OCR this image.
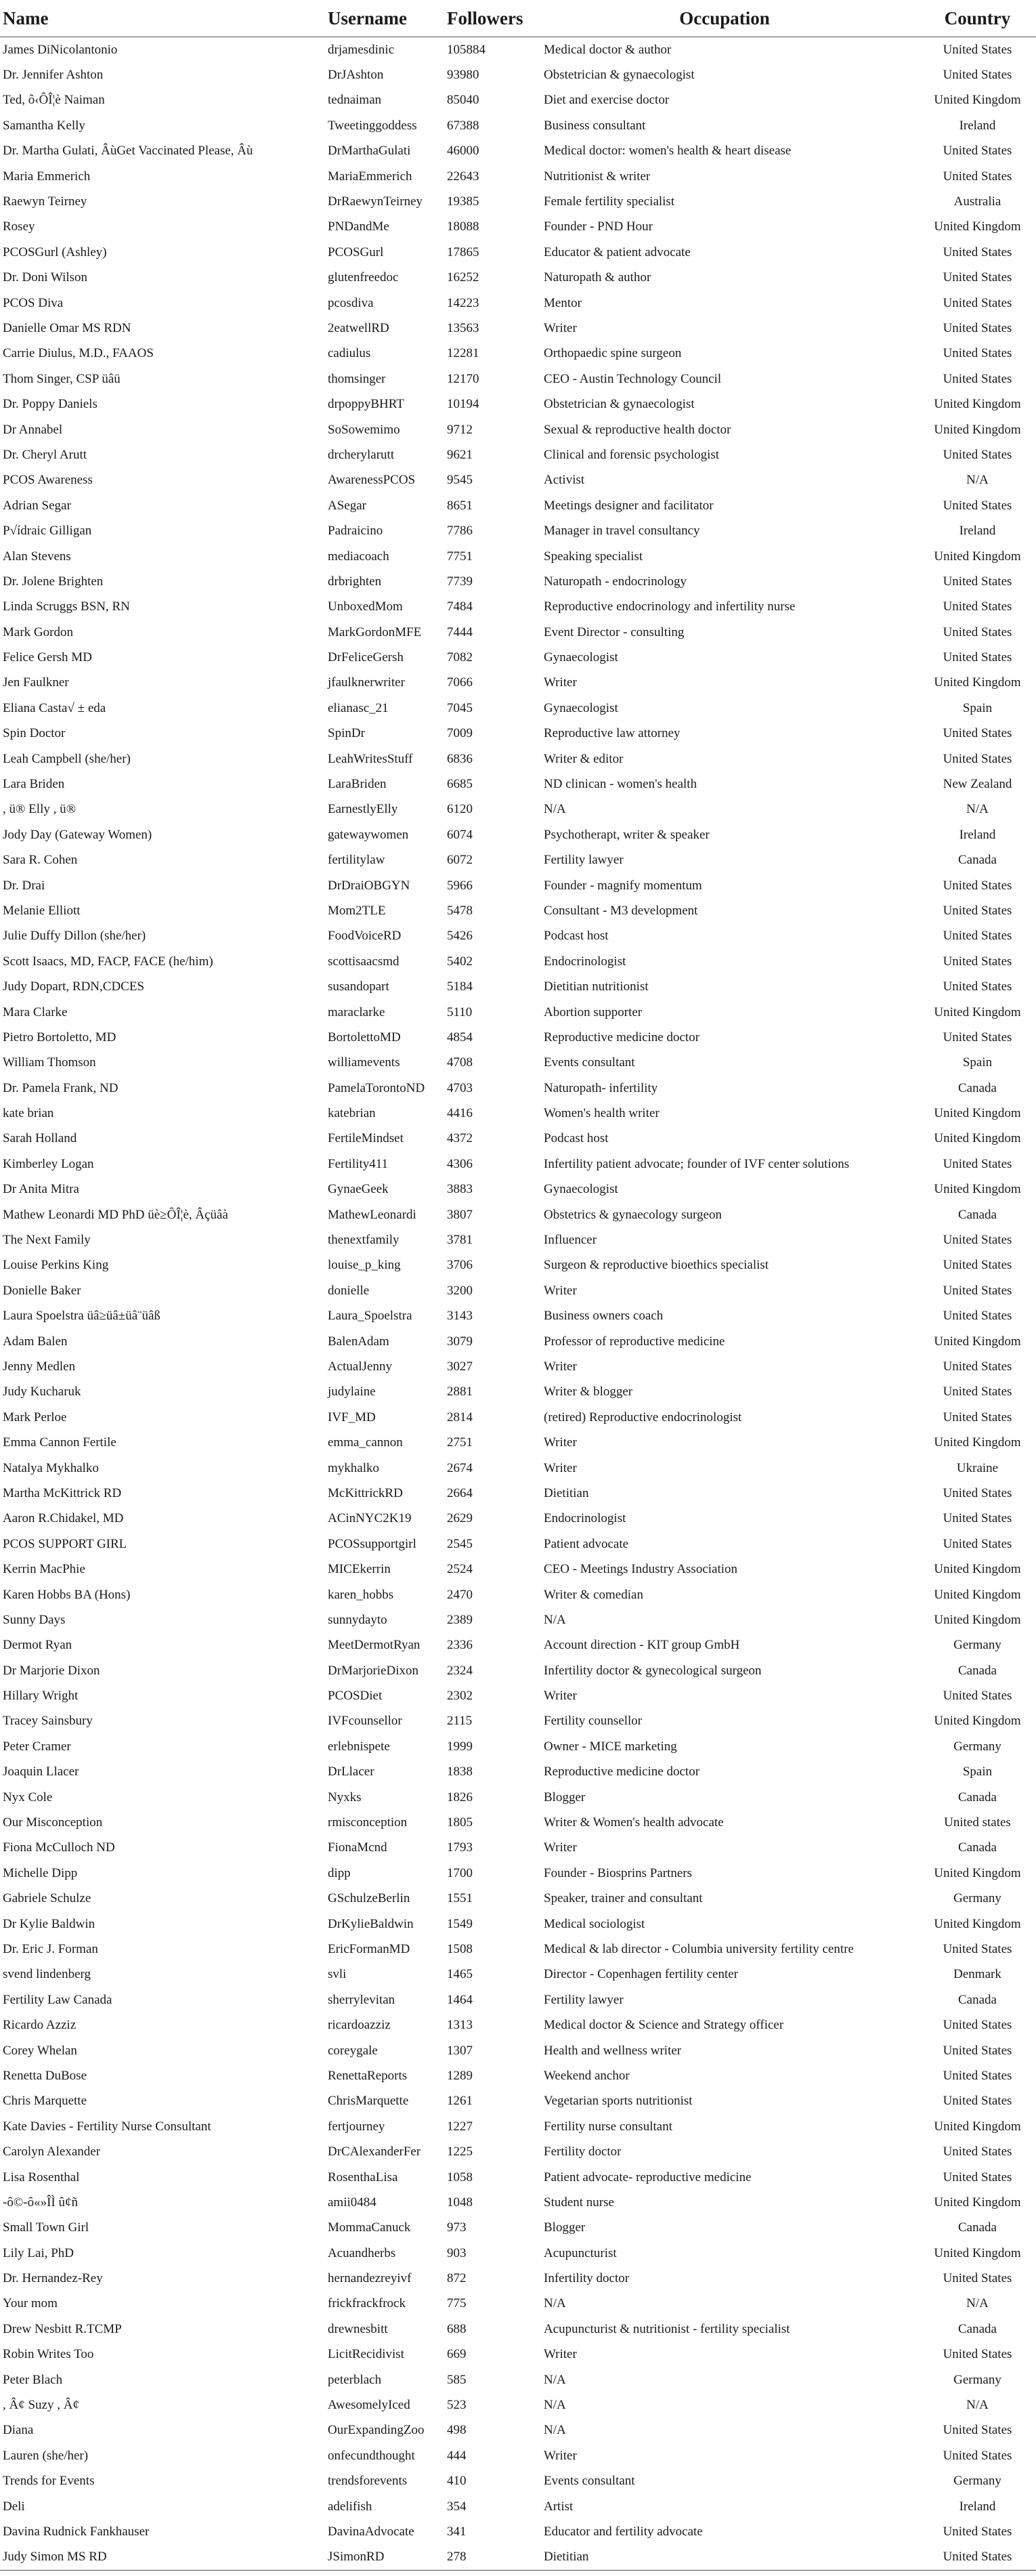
Name	Username	Followers	Occupation	Country
James DiNicolantonio	drjamesdinic	105884	Medical doctor & author	United States
Dr. Jennifer Ashton	DrJAshton	93980	Obstetrician & gynaecologist	United States
Ted, ô‹ÔÎ¦è Naiman	tednaiman	85040	Diet and exercise doctor	United Kingdom
Samantha Kelly	Tweetinggoddess	67388	Business consultant	Ireland
Dr. Martha Gulati, ÂùGet Vaccinated Please, Âù	DrMarthaGulati	46000	Medical doctor: women's health & heart disease	United States
Maria Emmerich	MariaEmmerich	22643	Nutritionist & writer	United States
Raewyn Teirney	DrRaewynTeirney	19385	Female fertility specialist	Australia
Rosey	PNDandMe	18088	Founder - PND Hour	United Kingdom
PCOSGurl (Ashley)	PCOSGurl	17865	Educator & patient advocate	United States
Dr. Doni Wilson	glutenfreedoc	16252	Naturopath & author	United States
PCOS Diva	pcosdiva	14223	Mentor	United States
Danielle Omar MS RDN	2eatwellRD	13563	Writer	United States
Carrie Diulus, M.D., FAAOS	cadiulus	12281	Orthopaedic spine surgeon	United States
Thom Singer, CSP üâü	thomsinger	12170	CEO - Austin Technology Council	United States
Dr. Poppy Daniels	drpoppyBHRT	10194	Obstetrician & gynaecologist	United Kingdom
Dr Annabel	SoSowemimo	9712	Sexual & reproductive health doctor	United Kingdom
Dr. Cheryl Arutt	drcherylarutt	9621	Clinical and forensic psychologist	United States
PCOS Awareness	AwarenessPCOS	9545	Activist	N/A
Adrian Segar	ASegar	8651	Meetings designer and facilitator	United States
P√ídraic Gilligan	Padraicino	7786	Manager in travel consultancy	Ireland
Alan Stevens	mediacoach	7751	Speaking specialist	United Kingdom
Dr. Jolene Brighten	drbrighten	7739	Naturopath - endocrinology	United States
Linda Scruggs BSN, RN	UnboxedMom	7484	Reproductive endocrinology and infertility nurse	United States
Mark Gordon	MarkGordonMFE	7444	Event Director - consulting	United States
Felice Gersh MD	DrFeliceGersh	7082	Gynaecologist	United States
Jen Faulkner	jfaulknerwriter	7066	Writer	United Kingdom
Eliana Casta√ ± eda	elianasc_21	7045	Gynaecologist	Spain
Spin Doctor	SpinDr	7009	Reproductive law attorney	United States
Leah Campbell (she/her)	LeahWritesStuff	6836	Writer & editor	United States
Lara Briden	LaraBriden	6685	ND clinican - women's health	New Zealand
, ü® Elly , ü®	EarnestlyElly	6120	N/A	N/A
Jody Day (Gateway Women)	gatewaywomen	6074	Psychotherapt, writer & speaker	Ireland
Sara R. Cohen	fertilitylaw	6072	Fertility lawyer	Canada
Dr. Drai	DrDraiOBGYN	5966	Founder - magnify momentum	United States
Melanie Elliott	Mom2TLE	5478	Consultant - M3 development	United States
Julie Duffy Dillon (she/her)	FoodVoiceRD	5426	Podcast host	United States
Scott Isaacs, MD, FACP, FACE (he/him)	scottisaacsmd	5402	Endocrinologist	United States
Judy Dopart, RDN,CDCES	susandopart	5184	Dietitian nutritionist	United States
Mara Clarke	maraclarke	5110	Abortion supporter	United Kingdom
Pietro Bortoletto, MD	BortolettoMD	4854	Reproductive medicine doctor	United States
William Thomson	williamevents	4708	Events consultant	Spain
Dr. Pamela Frank, ND	PamelaTorontoND	4703	Naturopath- infertility	Canada
kate brian	katebrian	4416	Women's health writer	United Kingdom
Sarah Holland	FertileMindset	4372	Podcast host	United Kingdom
Kimberley Logan	Fertility411	4306	Infertility patient advocate; founder of IVF center solutions	United States
Dr Anita Mitra	GynaeGeek	3883	Gynaecologist	United Kingdom
Mathew Leonardi MD PhD üè≥ÔÎ¦è, Âçüâà	MathewLeonardi	3807	Obstetrics & gynaecology surgeon	Canada
The Next Family	thenextfamily	3781	Influencer	United States
Louise Perkins King	louise_p_king	3706	Surgeon & reproductive bioethics specialist	United States
Donielle Baker	donielle	3200	Writer	United States
Laura Spoelstra üâ≥üâ±üâ¨üâß	Laura_Spoelstra	3143	Business owners coach	United States
Adam Balen	BalenAdam	3079	Professor of reproductive medicine	United Kingdom
Jenny Medlen	ActualJenny	3027	Writer	United States
Judy Kucharuk	judylaine	2881	Writer & blogger	United States
Mark Perloe	IVF_MD	2814	(retired) Reproductive endocrinologist	United States
Emma Cannon Fertile	emma_cannon	2751	Writer	United Kingdom
Natalya Mykhalko	mykhalko	2674	Writer	Ukraine
Martha McKittrick RD	McKittrickRD	2664	Dietitian	United States
Aaron R.Chidakel, MD	ACinNYC2K19	2629	Endocrinologist	United States
PCOS SUPPORT GIRL	PCOSsupportgirl	2545	Patient advocate	United States
Kerrin MacPhie	MICEkerrin	2524	CEO - Meetings Industry Association	United Kingdom
Karen Hobbs BA (Hons)	karen_hobbs	2470	Writer & comedian	United Kingdom
Sunny Days	sunnydayto	2389	N/A	United Kingdom
Dermot Ryan	MeetDermotRyan	2336	Account direction - KIT group GmbH	Germany
Dr Marjorie Dixon	DrMarjorieDixon	2324	Infertility doctor & gynecological surgeon	Canada
Hillary Wright	PCOSDiet	2302	Writer	United States
Tracey Sainsbury	IVFcounsellor	2115	Fertility counsellor	United Kingdom
Peter Cramer	erlebnispete	1999	Owner - MICE marketing	Germany
Joaquin Llacer	DrLlacer	1838	Reproductive medicine doctor	Spain
Nyx Cole	Nyxks	1826	Blogger	Canada
Our Misconception	rmisconception	1805	Writer & Women's health advocate	United states
Fiona McCulloch ND	FionaMcnd	1793	Writer	Canada
Michelle Dipp	dipp	1700	Founder - Biosprins Partners	United Kingdom
Gabriele Schulze	GSchulzeBerlin	1551	Speaker, trainer and consultant	Germany
Dr Kylie Baldwin	DrKylieBaldwin	1549	Medical sociologist	United Kingdom
Dr. Eric J. Forman	EricFormanMD	1508	Medical & lab director - Columbia university fertility centre	United States
svend lindenberg	svli	1465	Director - Copenhagen fertility center	Denmark
Fertility Law Canada	sherrylevitan	1464	Fertility lawyer	Canada
Ricardo Azziz	ricardoazziz	1313	Medical doctor & Science and Strategy officer	United States
Corey Whelan	coreygale	1307	Health and wellness writer	United States
Renetta DuBose	RenettaReports	1289	Weekend anchor	United States
Chris Marquette	ChrisMarquette	1261	Vegetarian sports nutritionist	United States
Kate Davies - Fertility Nurse Consultant	fertjourney	1227	Fertility nurse consultant	United Kingdom
Carolyn Alexander	DrCAlexanderFer	1225	Fertility doctor	United States
Lisa Rosenthal	RosenthaLisa	1058	Patient advocate- reproductive medicine	United States
-ô©-ô«»ÎÌ û¢ñ	amii0484	1048	Student nurse	United Kingdom
Small Town Girl	MommaCanuck	973	Blogger	Canada
Lily Lai, PhD	Acuandherbs	903	Acupuncturist	United Kingdom
Dr. Hernandez-Rey	hernandezreyivf	872	Infertility doctor	United States
Your mom	frickfrackfrock	775	N/A	N/A
Drew Nesbitt R.TCMP	drewnesbitt	688	Acupuncturist & nutritionist - fertility specialist	Canada
Robin Writes Too	LicitRecidivist	669	Writer	United States
Peter Blach	peterblach	585	N/A	Germany
, Â¢ Suzy , Â¢	AwesomelyIced	523	N/A	N/A
Diana	OurExpandingZoo	498	N/A	United States
Lauren (she/her)	onfecundthought	444	Writer	United States
Trends for Events	trendsforevents	410	Events consultant	Germany
Deli	adelifish	354	Artist	Ireland
Davina Rudnick Fankhauser	DavinaAdvocate	341	Educator and fertility advocate	United States
Judy Simon MS RD	JSimonRD	278	Dietitian	United States
